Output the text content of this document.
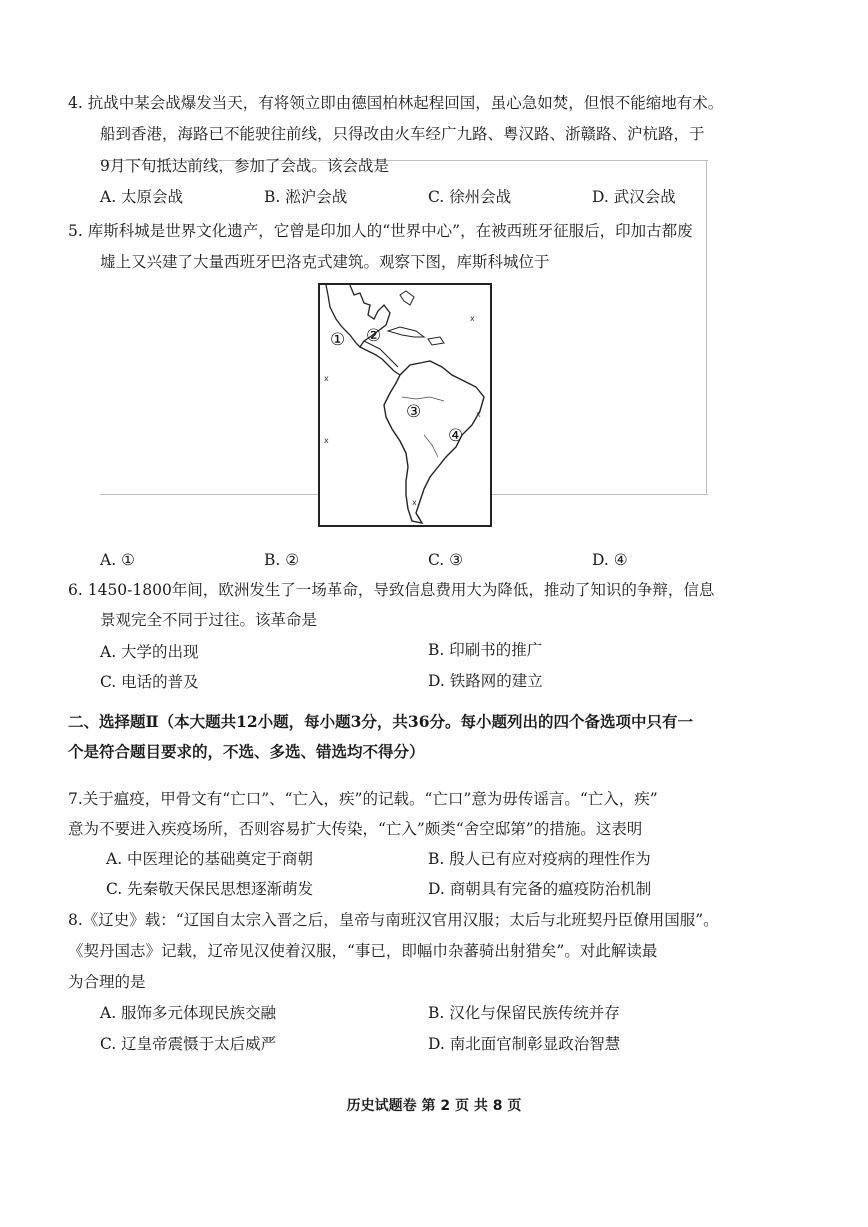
4. 抗战中某会战爆发当天，有将领立即由德国柏林起程回国，虽心急如焚，但恨不能缩地有术。
船到香港，海路已不能驶往前线，只得改由火车经广九路、粤汉路、浙赣路、沪杭路，于
9月下旬抵达前线，参加了会战。该会战是
A. 太原会战	B. 淞沪会战	C. 徐州会战	D. 武汉会战
5. 库斯科城是世界文化遗产，它曾是印加人的“世界中心”，在被西班牙征服后，印加古都废
墟上又兴建了大量西班牙巴洛克式建筑。观察下图，库斯科城位于
ⅹ
ⅹ
ⅹ
ⅹ
ⅹ
① ②
③
④
A. ①	B. ②	C. ③	D. ④
6. 1450-1800年间，欧洲发生了一场革命，导致信息费用大为降低，推动了知识的争辩，信息
景观完全不同于过往。该革命是
A. 大学的出现	B. 印刷书的推广
C. 电话的普及	D. 铁路网的建立
二、选择题Ⅱ（本大题共12小题，每小题3分，共36分。每小题列出的四个备选项中只有一
个是符合题目要求的，不选、多选、错选均不得分）
7.关于瘟疫，甲骨文有“亡口”、“亡入，疾”的记载。“亡口”意为毋传谣言。“亡入，疾”
意为不要进入疾疫场所，否则容易扩大传染，“亡入”颇类“舍空邸第”的措施。这表明
A. 中医理论的基础奠定于商朝	B. 殷人已有应对疫病的理性作为
C. 先秦敬天保民思想逐渐萌发	D. 商朝具有完备的瘟疫防治机制
8.《辽史》载：“辽国自太宗入晋之后，皇帝与南班汉官用汉服；太后与北班契丹臣僚用国服”。
《契丹国志》记载，辽帝见汉使着汉服，“事已，即幅巾杂蕃骑出射猎矣”。对此解读最
为合理的是
A. 服饰多元体现民族交融	B. 汉化与保留民族传统并存
C. 辽皇帝震慑于太后威严	D. 南北面官制彰显政治智慧
历史试题卷 第 2 页 共 8 页
